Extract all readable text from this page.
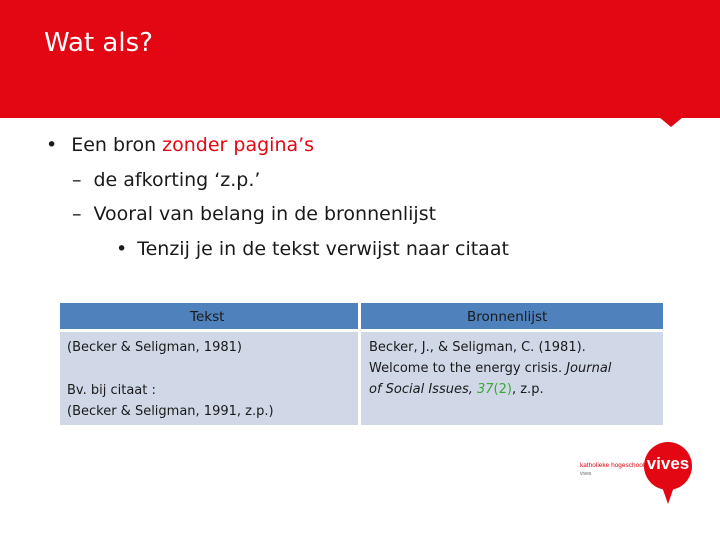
Wat als?
• Een bron zonder pagina’s
– de afkorting ‘z.p.’
– Vooral van belang in de bronnenlijst
• Tenzij je in de tekst verwijst naar citaat
Tekst	Bronnenlijst
(Becker & Seligman, 1981)
Bv. bij citaat :
(Becker & Seligman, 1991, z.p.)
Becker, J., & Seligman, C. (1981).
Welcome to the energy crisis. Journal
of Social Issues, 37(2), z.p.
katholieke hogeschool
vives
vives
